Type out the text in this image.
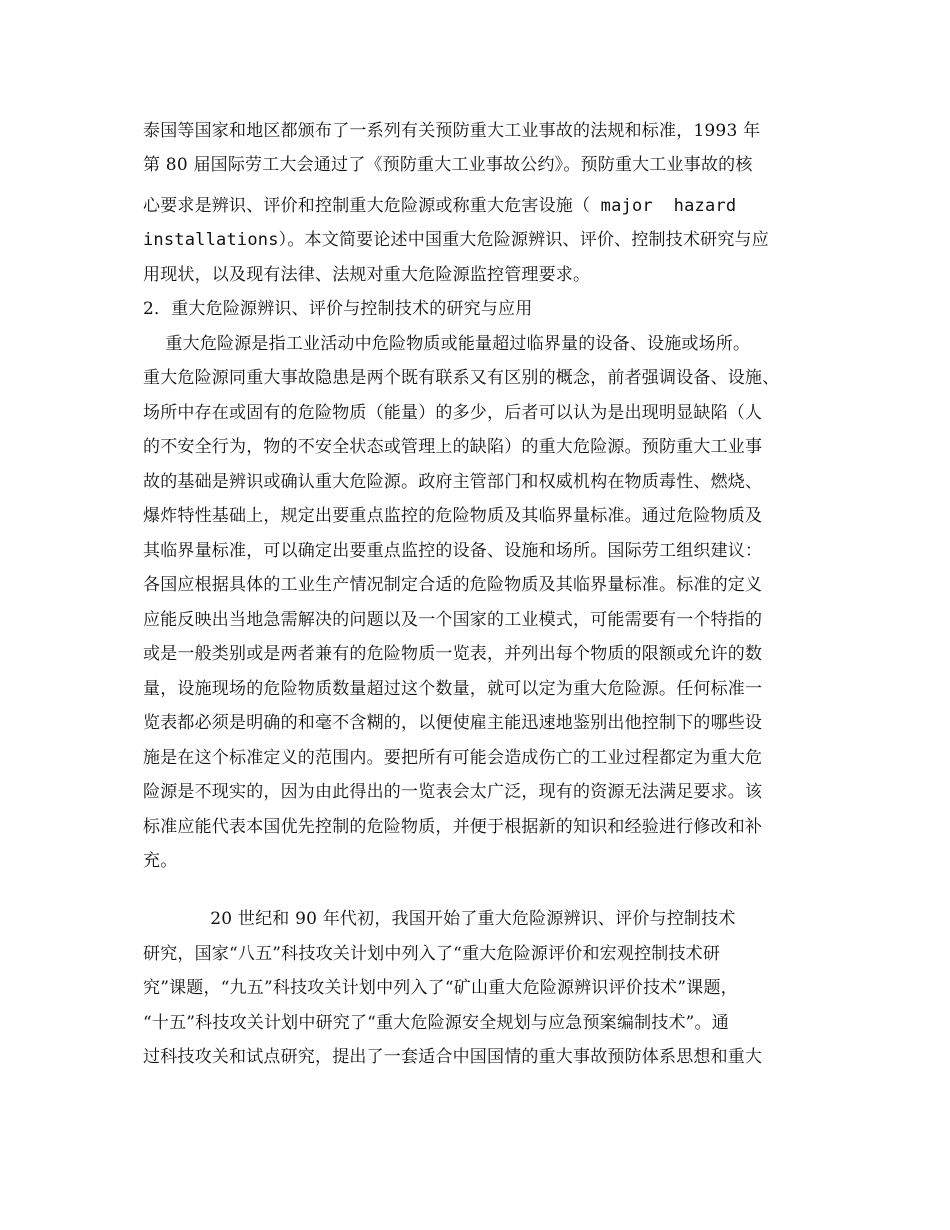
泰国等国家和地区都颁布了一系列有关预防重大工业事故的法规和标准，1993 年
第 80 届国际劳工大会通过了《预防重大工业事故公约》。预防重大工业事故的核
心要求是辨识、评价和控制重大危险源或称重大危害设施（ major  hazard
installations）。本文简要论述中国重大危险源辨识、评价、控制技术研究与应
用现状，以及现有法律、法规对重大危险源监控管理要求。
2．重大危险源辨识、评价与控制技术的研究与应用
重大危险源是指工业活动中危险物质或能量超过临界量的设备、设施或场所。
重大危险源同重大事故隐患是两个既有联系又有区别的概念，前者强调设备、设施、
场所中存在或固有的危险物质（能量）的多少，后者可以认为是出现明显缺陷（人
的不安全行为，物的不安全状态或管理上的缺陷）的重大危险源。预防重大工业事
故的基础是辨识或确认重大危险源。政府主管部门和权威机构在物质毒性、燃烧、
爆炸特性基础上，规定出要重点监控的危险物质及其临界量标准。通过危险物质及
其临界量标准，可以确定出要重点监控的设备、设施和场所。国际劳工组织建议：
各国应根据具体的工业生产情况制定合适的危险物质及其临界量标准。标准的定义
应能反映出当地急需解决的问题以及一个国家的工业模式，可能需要有一个特指的
或是一般类别或是两者兼有的危险物质一览表，并列出每个物质的限额或允许的数
量，设施现场的危险物质数量超过这个数量，就可以定为重大危险源。任何标准一
览表都必须是明确的和毫不含糊的，以便使雇主能迅速地鉴别出他控制下的哪些设
施是在这个标准定义的范围内。要把所有可能会造成伤亡的工业过程都定为重大危
险源是不现实的，因为由此得出的一览表会太广泛，现有的资源无法满足要求。该
标准应能代表本国优先控制的危险物质，并便于根据新的知识和经验进行修改和补
充。
20 世纪和 90 年代初，我国开始了重大危险源辨识、评价与控制技术
研究，国家“八五”科技攻关计划中列入了“重大危险源评价和宏观控制技术研
究”课题，“九五”科技攻关计划中列入了“矿山重大危险源辨识评价技术”课题，
“十五”科技攻关计划中研究了“重大危险源安全规划与应急预案编制技术”。通
过科技攻关和试点研究，提出了一套适合中国国情的重大事故预防体系思想和重大
